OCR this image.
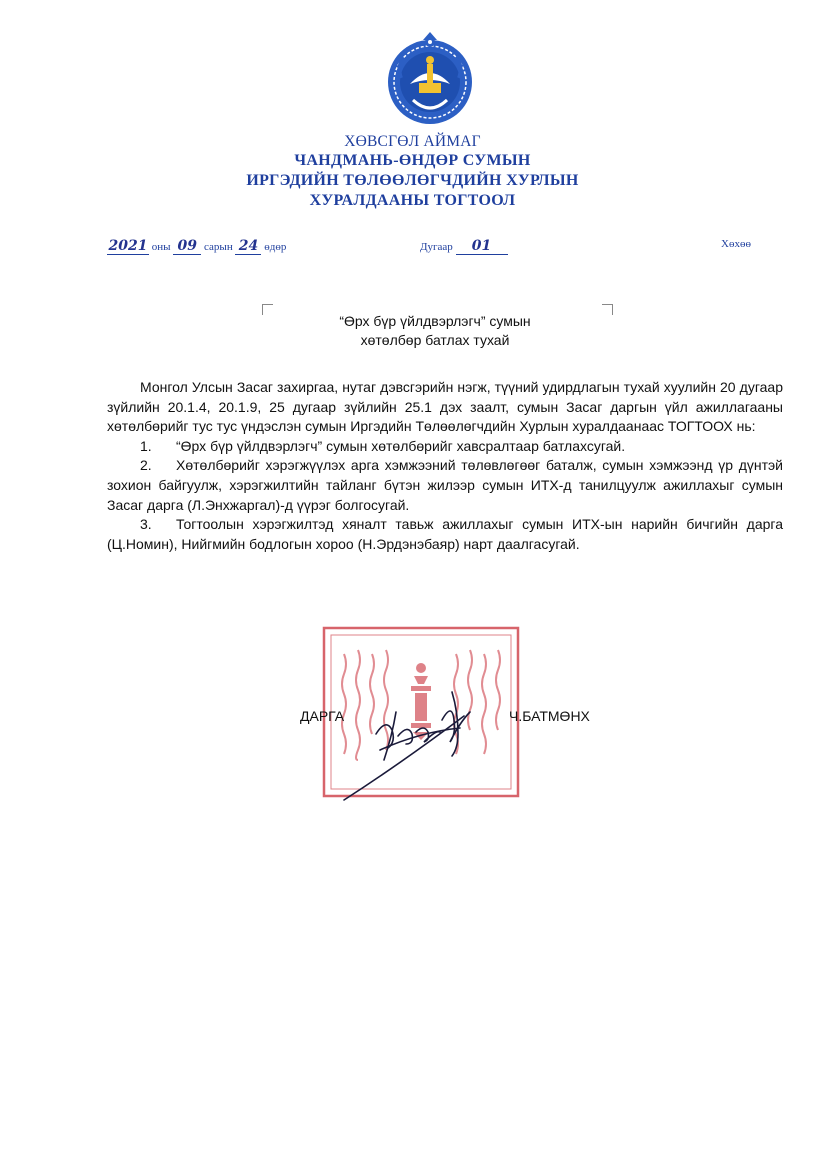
ХӨВСГӨЛ АЙМАГ
ЧАНДМАНЬ-ӨНДӨР СУМЫН
ИРГЭДИЙН ТӨЛӨӨЛӨГЧДИЙН ХУРЛЫН
ХУРАЛДААНЫ ТОГТООЛ
2021 оны 09 сарын 24 өдөр	Дугаар 01	Хөхөө
“Өрх бүр үйлдвэрлэгч” сумын
хөтөлбөр батлах тухай

Монгол Улсын Засаг захиргаа, нутаг дэвсгэрийн нэгж, түүний удирдлагын тухай хуулийн 20 дугаар зүйлийн 20.1.4, 20.1.9, 25 дугаар зүйлийн 25.1 дэх заалт, сумын Засаг даргын үйл ажиллагааны хөтөлбөрийг тус тус үндэслэн сумын Иргэдийн Төлөөлөгчдийн Хурлын хуралдаанаас ТОГТООХ нь:

1. “Өрх бүр үйлдвэрлэгч” сумын хөтөлбөрийг хавсралтаар батлахсугай.

2. Хөтөлбөрийг хэрэгжүүлэх арга хэмжээний төлөвлөгөөг баталж, сумын хэмжээнд үр дүнтэй зохион байгуулж, хэрэгжилтийн тайланг бүтэн жилээр сумын ИТХ-д танилцуулж ажиллахыг сумын Засаг дарга (Л.Энхжаргал)-д үүрэг болгосугай.

3. Тогтоолын хэрэгжилтэд хяналт тавьж ажиллахыг сумын ИТХ-ын нарийн бичгийн дарга (Ц.Номин), Нийгмийн бодлогын хороо (Н.Эрдэнэбаяр) нарт даалгасугай.

ДАРГА	Ч.БАТМӨНХ
